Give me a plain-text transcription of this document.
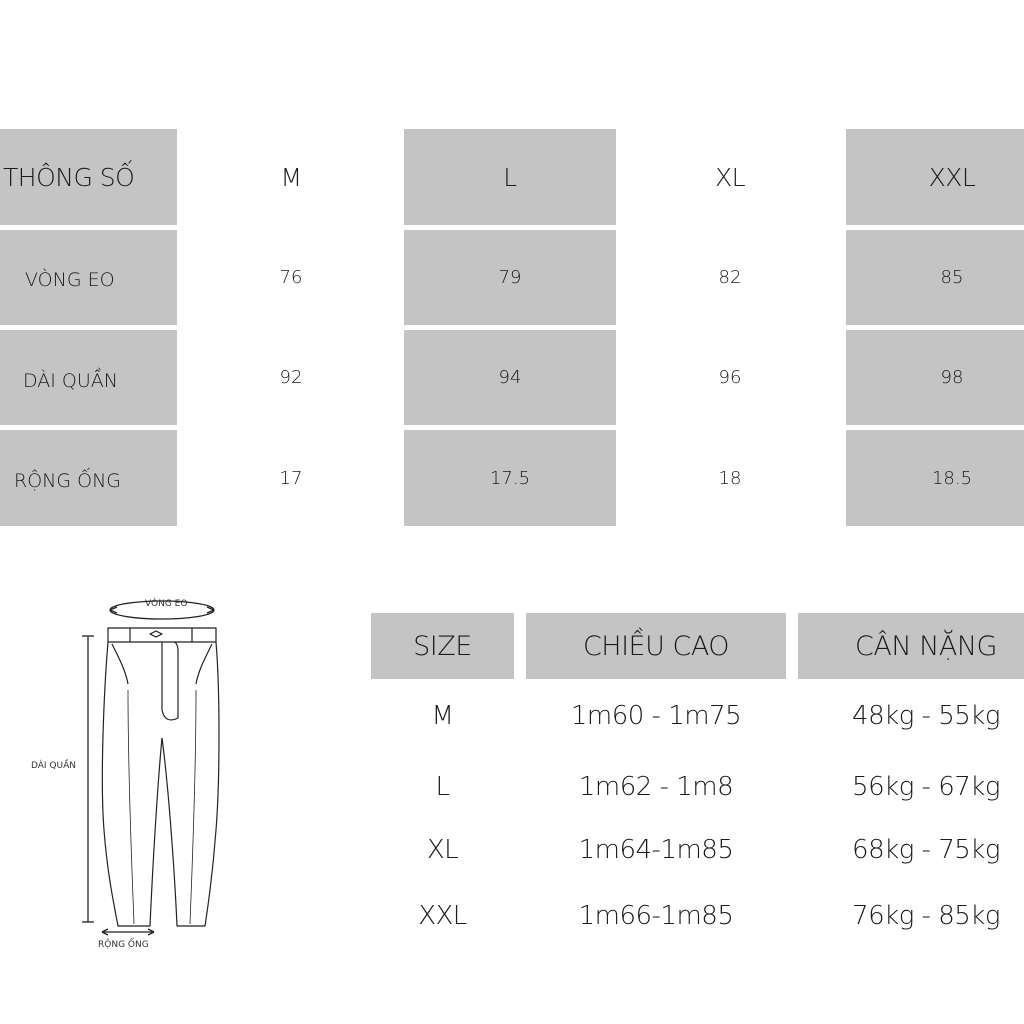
THÔNG SỐ	M	L	XL	XXL
VÒNG EO	76	79	82	85
DÀI QUẦN	92	94	96	98
RỘNG ỐNG	17	17.5	18	18.5
VÒNG EO
DÀI QUẦN
RỘNG ỐNG
SIZE	CHIỀU CAO	CÂN NẶNG
M	1m60 - 1m75	48kg - 55kg
L	1m62 - 1m8	56kg - 67kg
XL	1m64-1m85	68kg - 75kg
XXL	1m66-1m85	76kg - 85kg
